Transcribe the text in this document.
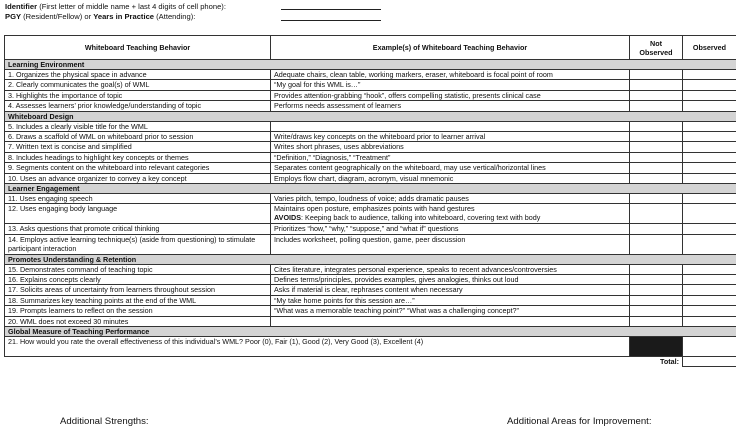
Identifier (First letter of middle name + last 4 digits of cell phone):
PGY (Resident/Fellow) or Years in Practice (Attending):
Whiteboard Teaching Behavior	Example(s) of Whiteboard Teaching Behavior	Not Observed	Observed
Learning Environment			
1. Organizes the physical space in advance	Adequate chairs, clean table, working markers, eraser, whiteboard is focal point of room		

2. Clearly communicates the goal(s) of WML	“My goal for this WML is…”		

3. Highlights the importance of topic	Provides attention-grabbing “hook”, offers compelling statistic, presents clinical case		

4. Assesses learners’ prior knowledge/understanding of topic	Performs needs assessment of learners		

Whiteboard Design			
5. Includes a clearly visible title for the WML	

6. Draws a scaffold of WML on whiteboard prior to session	Write/draws key concepts on the whiteboard prior to learner arrival		

7. Written text is concise and simplified	Writes short phrases, uses abbreviations		

8. Includes headings to highlight key concepts or themes	“Definition,” “Diagnosis,” “Treatment”		

9. Segments content on the whiteboard into relevant categories	Separates content geographically on the whiteboard, may use vertical/horizontal lines		

10. Uses an advance organizer to convey a key concept	Employs flow chart, diagram, acronym, visual mnemonic		

Learner Engagement			
11. Uses engaging speech	Varies pitch, tempo, loudness of voice; adds dramatic pauses		

12. Uses engaging body language	Maintains open posture, emphasizes points with hand gestures
AVOIDS: Keeping back to audience, talking into whiteboard, covering text with body		

13. Asks questions that promote critical thinking	Prioritizes “how,” “why,” “suppose,” and “what if” questions		

14. Employs active learning technique(s) (aside from questioning) to stimulate participant interaction	Includes worksheet, polling question, game, peer discussion		

Promotes Understanding & Retention			
15. Demonstrates command of teaching topic	Cites literature, integrates personal experience, speaks to recent advances/controversies		

16. Explains concepts clearly	Defines terms/principles, provides examples, gives analogies, thinks out loud		

17. Solicits areas of uncertainty from learners throughout session	Asks if material is clear, rephrases content when necessary		

18. Summarizes key teaching points at the end of the WML	“My take home points for this session are…”		

19. Prompts learners to reflect on the session	“What was a memorable teaching point?” “What was a challenging concept?”		

20. WML does not exceed 30 minutes	

Global Measure of Teaching Performance			
21. How would you rate the overall effectiveness of this individual’s WML? Poor (0), Fair (1), Good (2), Very Good (3), Excellent (4)			
		Total:	
Additional Strengths:	Additional Areas for Improvement:
